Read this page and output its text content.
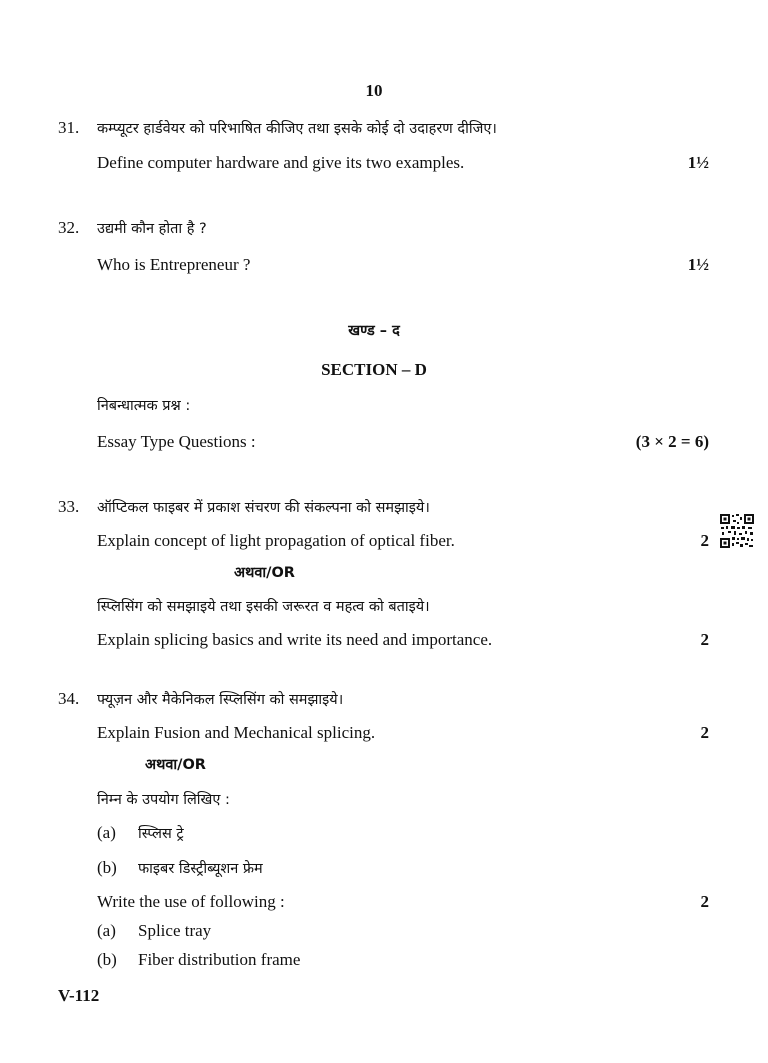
10
31. कम्प्यूटर हार्डवेयर को परिभाषित कीजिए तथा इसके कोई दो उदाहरण दीजिए।
Define computer hardware and give its two examples.	1½
32. उद्यमी कौन होता है ?
Who is Entrepreneur ?	1½
खण्ड – द
SECTION – D
निबन्धात्मक प्रश्न :
Essay Type Questions :	(3 × 2 = 6)
33. ऑप्टिकल फाइबर में प्रकाश संचरण की संकल्पना को समझाइये।
Explain concept of light propagation of optical fiber.	2
अथवा/OR
स्प्लिसिंग को समझाइये तथा इसकी जरूरत व महत्व को बताइये।
Explain splicing basics and write its need and importance.	2
34. फ्यूज़न और मैकेनिकल स्प्लिसिंग को समझाइये।
Explain Fusion and Mechanical splicing.	2
अथवा/OR
निम्न के उपयोग लिखिए :
(a) स्प्लिस ट्रे
(b) फाइबर डिस्ट्रीब्यूशन फ्रेम
Write the use of following :	2
(a) Splice tray
(b) Fiber distribution frame
V-112
